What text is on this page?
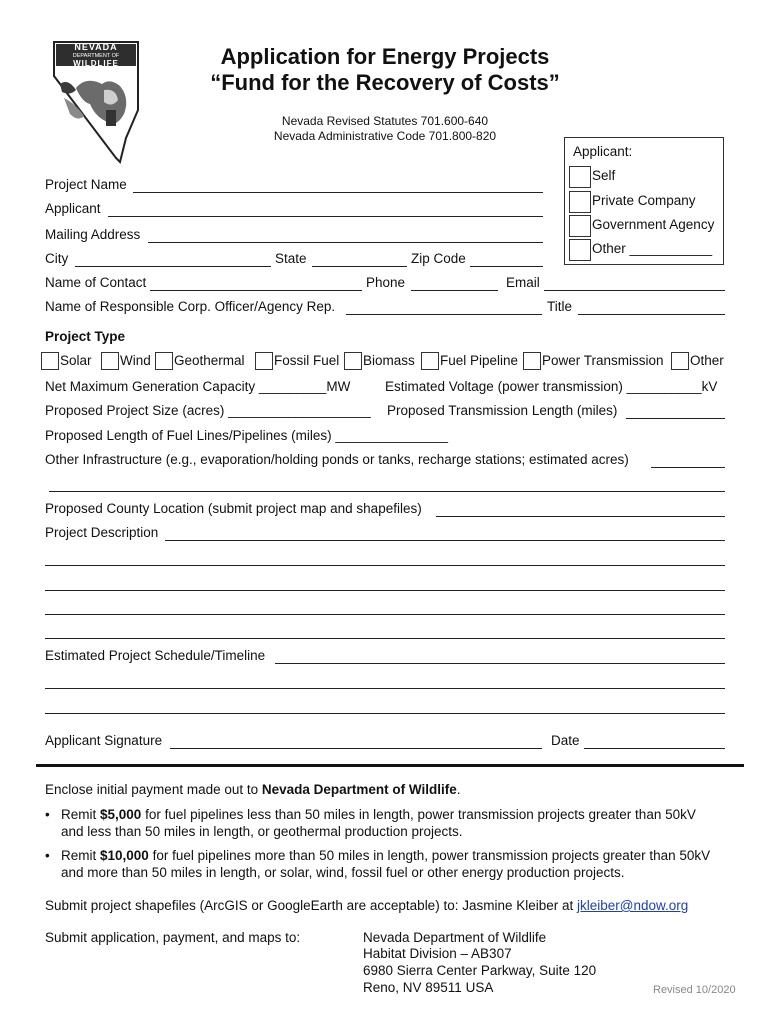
NEVADA
DEPARTMENT OF
WILDLIFE	Application for Energy Projects
“Fund for the Recovery of Costs”
Nevada Revised Statutes 701.600-640
Nevada Administrative Code 701.800-820
Applicant:
Self
Private Company
Government Agency
Other ___________
Project Name
Applicant
Mailing Address
City	State	Zip Code
Name of Contact	Phone	Email
Name of Responsible Corp. Officer/Agency Rep.	Title
Project Type
Solar Wind Geothermal Fossil Fuel Biomass Fuel Pipeline Power Transmission Other
Net Maximum Generation Capacity _________MW	Estimated Voltage (power transmission) __________kV
Proposed Project Size (acres) ___________________ Proposed Transmission Length (miles)
Proposed Length of Fuel Lines/Pipelines (miles) _______________
Other Infrastructure (e.g., evaporation/holding ponds or tanks, recharge stations; estimated acres)
Proposed County Location (submit project map and shapefiles)
Project Description
Estimated Project Schedule/Timeline
Applicant Signature	Date
Enclose initial payment made out to Nevada Department of Wildlife.
• Remit $5,000 for fuel pipelines less than 50 miles in length, power transmission projects greater than 50kV
and less than 50 miles in length, or geothermal production projects.
• Remit $10,000 for fuel pipelines more than 50 miles in length, power transmission projects greater than 50kV
and more than 50 miles in length, or solar, wind, fossil fuel or other energy production projects.
Submit project shapefiles (ArcGIS or GoogleEarth are acceptable) to: Jasmine Kleiber at jkleiber@ndow.org
Submit application, payment, and maps to:	Nevada Department of Wildlife
Habitat Division – AB307
6980 Sierra Center Parkway, Suite 120
Reno, NV 89511 USA	Revised 10/2020
